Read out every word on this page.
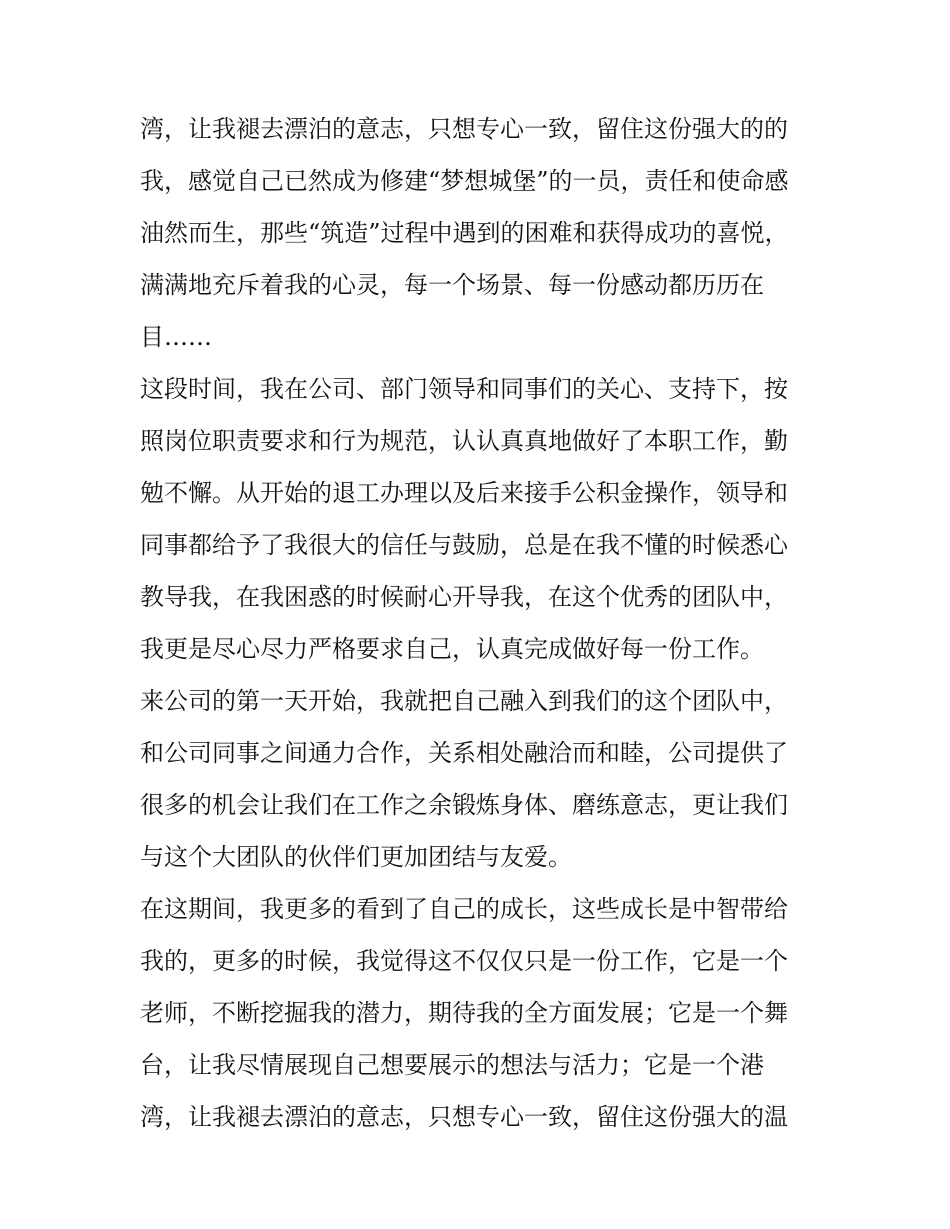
湾，让我褪去漂泊的意志，只想专心一致，留住这份强大的的
我，感觉自己已然成为修建“梦想城堡”的一员，责任和使命感
油然而生，那些“筑造”过程中遇到的困难和获得成功的喜悦，
满满地充斥着我的心灵，每一个场景、每一份感动都历历在
目……
这段时间，我在公司、部门领导和同事们的关心、支持下，按
照岗位职责要求和行为规范，认认真真地做好了本职工作，勤
勉不懈。从开始的退工办理以及后来接手公积金操作，领导和
同事都给予了我很大的信任与鼓励，总是在我不懂的时候悉心
教导我，在我困惑的时候耐心开导我，在这个优秀的团队中，
我更是尽心尽力严格要求自己，认真完成做好每一份工作。
来公司的第一天开始，我就把自己融入到我们的这个团队中，
和公司同事之间通力合作，关系相处融洽而和睦，公司提供了
很多的机会让我们在工作之余锻炼身体、磨练意志，更让我们
与这个大团队的伙伴们更加团结与友爱。
在这期间，我更多的看到了自己的成长，这些成长是中智带给
我的，更多的时候，我觉得这不仅仅只是一份工作，它是一个
老师，不断挖掘我的潜力，期待我的全方面发展；它是一个舞
台，让我尽情展现自己想要展示的想法与活力；它是一个港
湾，让我褪去漂泊的意志，只想专心一致，留住这份强大的温
